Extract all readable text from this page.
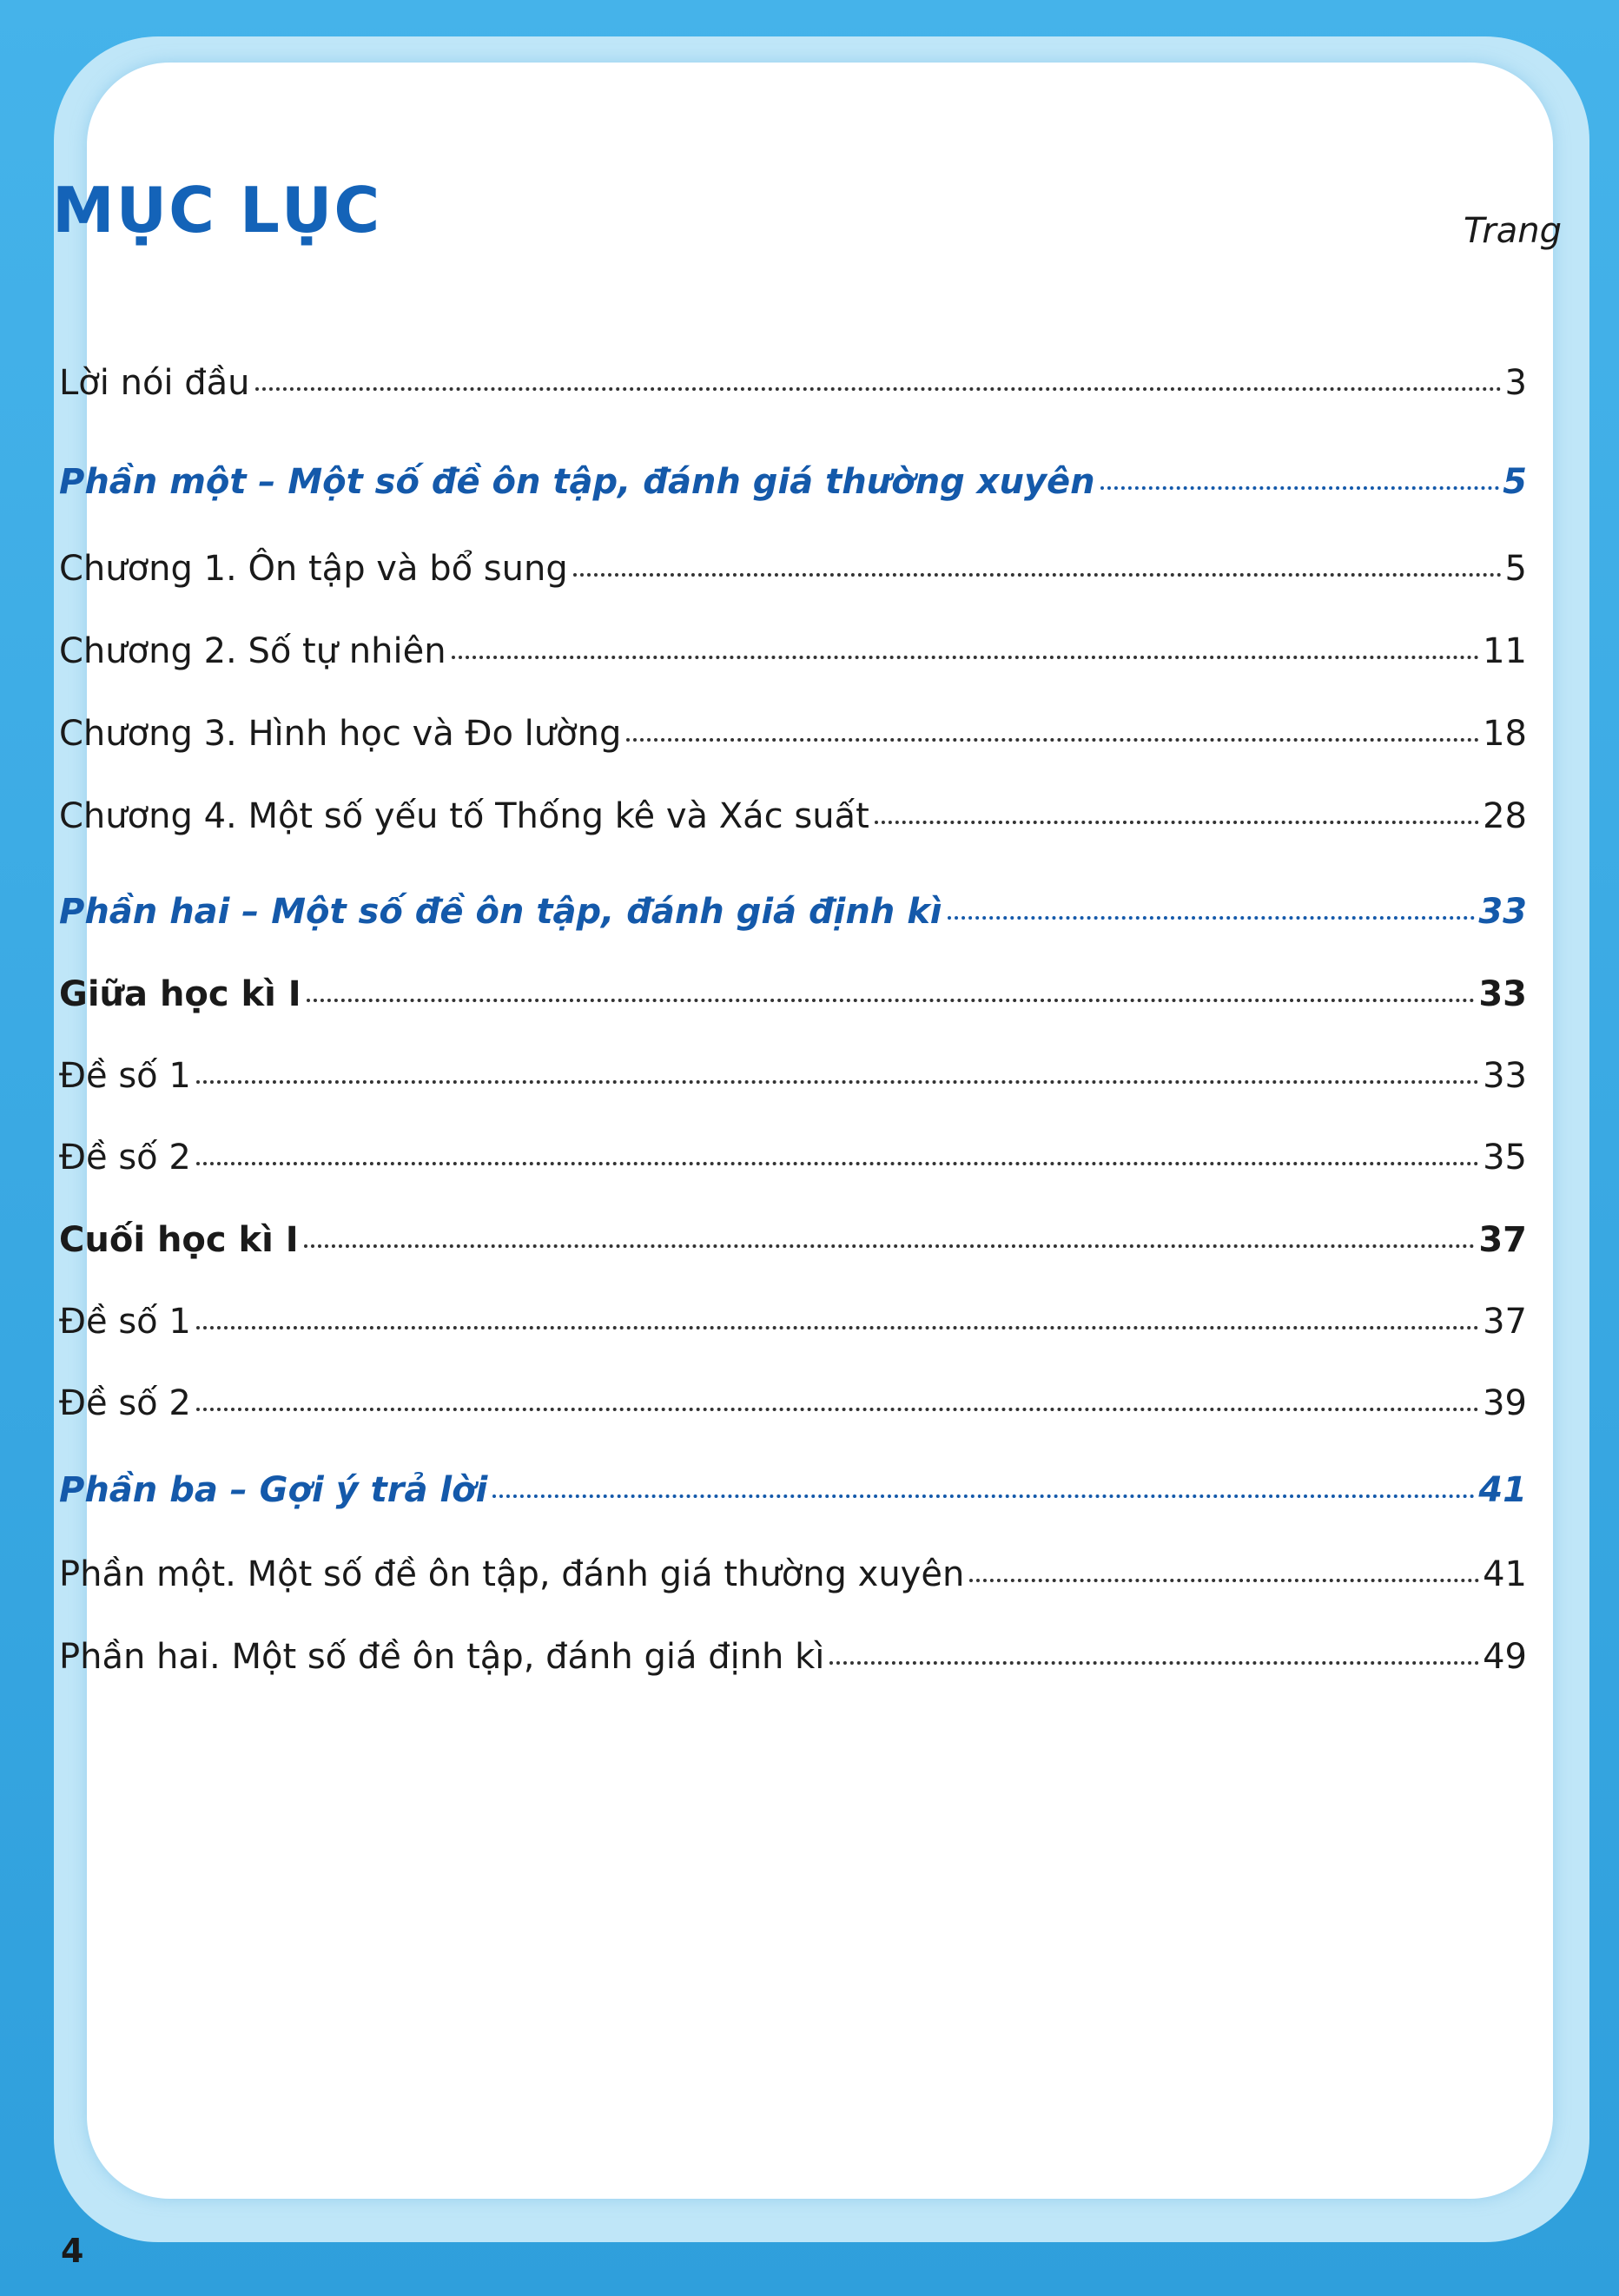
MỤC LỤC	Trang
Lời nói đầu	3
Phần một – Một số đề ôn tập, đánh giá thường xuyên	5
Chương 1. Ôn tập và bổ sung	5
Chương 2. Số tự nhiên	11
Chương 3. Hình học và Đo lường	18
Chương 4. Một số yếu tố Thống kê và Xác suất	28
Phần hai – Một số đề ôn tập, đánh giá định kì	33
Giữa học kì I	33
Đề số 1	33
Đề số 2	35
Cuối học kì I	37
Đề số 1	37
Đề số 2	39
Phần ba – Gợi ý trả lời	41
Phần một. Một số đề ôn tập, đánh giá thường xuyên	41
Phần hai. Một số đề ôn tập, đánh giá định kì	49
4
